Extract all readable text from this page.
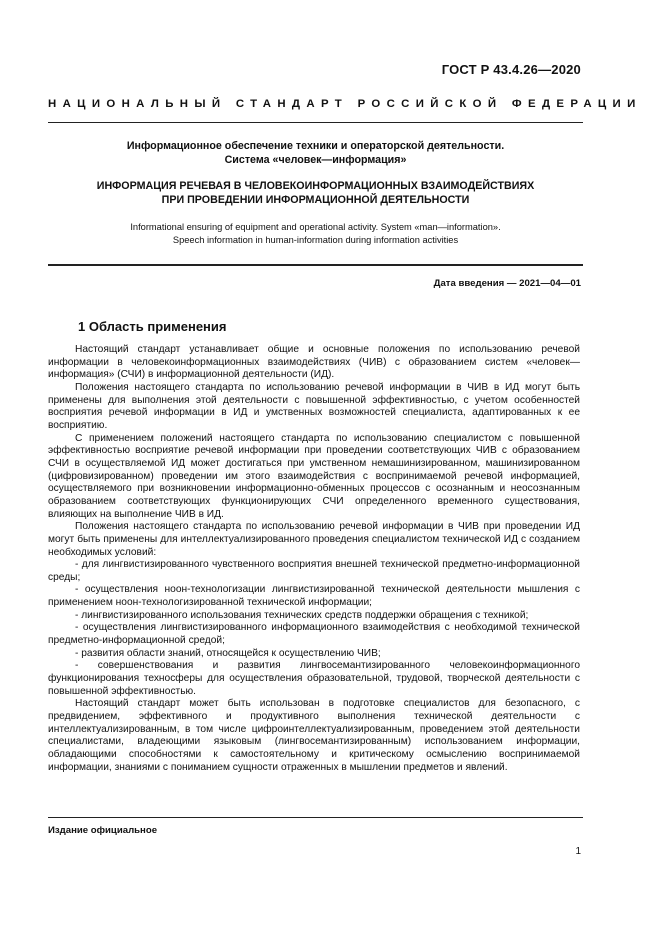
ГОСТ Р 43.4.26—2020
НАЦИОНАЛЬНЫЙ СТАНДАРТ РОССИЙСКОЙ ФЕДЕРАЦИИ
Информационное обеспечение техники и операторской деятельности.
Система «человек—информация»
ИНФОРМАЦИЯ РЕЧЕВАЯ В ЧЕЛОВЕКОИНФОРМАЦИОННЫХ ВЗАИМОДЕЙСТВИЯХ
ПРИ ПРОВЕДЕНИИ ИНФОРМАЦИОННОЙ ДЕЯТЕЛЬНОСТИ
Informational ensuring of equipment and operational activity. System «man—information».
Speech information in human-information during information activities
Дата введения — 2021—04—01
1 Область применения

Настоящий стандарт устанавливает общие и основные положения по использованию речевой информации в человекоинформационных взаимодействиях (ЧИВ) с образованием систем «человек—информация» (СЧИ) в информационной деятельности (ИД).

Положения настоящего стандарта по использованию речевой информации в ЧИВ в ИД могут быть применены для выполнения этой деятельности с повышенной эффективностью, с учетом особенностей восприятия речевой информации в ИД и умственных возможностей специалиста, адаптированных к ее восприятию.

С применением положений настоящего стандарта по использованию специалистом с повышенной эффективностью восприятие речевой информации при проведении соответствующих ЧИВ с образованием СЧИ в осуществляемой ИД может достигаться при умственном немашинизированном, машинизированном (цифровизированном) проведении им этого взаимодействия с воспринимаемой речевой информацией, осуществляемого при возникновении информационно-обменных процессов с осознанным и неосознанным образованием соответствующих функционирующих СЧИ определенного временного существования, влияющих на выполнение ЧИВ в ИД.

Положения настоящего стандарта по использованию речевой информации в ЧИВ при проведении ИД могут быть применены для интеллектуализированного проведения специалистом технической ИД с созданием необходимых условий:

- для лингвистизированного чувственного восприятия внешней технической предметно-информационной среды;

- осуществления ноон-технологизации лингвистизированной технической деятельности мышления с применением ноон-технологизированной технической информации;

- лингвистизированного использования технических средств поддержки обращения с техникой;

- осуществления лингвистизированного информационного взаимодействия с необходимой технической предметно-информационной средой;

- развития области знаний, относящейся к осуществлению ЧИВ;

- совершенствования и развития лингвосемантизированного человекоинформационного функционирования техносферы для осуществления образовательной, трудовой, творческой деятельности с повышенной эффективностью.

Настоящий стандарт может быть использован в подготовке специалистов для безопасного, с предвидением, эффективного и продуктивного выполнения технической деятельности с интеллектуализированным, в том числе цифроинтеллектуализированным, проведением этой деятельности специалистами, владеющими языковым (лингвосемантизированным) использованием информации, обладающими способностями к самостоятельному и критическому осмыслению воспринимаемой информации, знаниями с пониманием сущности отраженных в мышлении предметов и явлений.

Издание официальное
1
